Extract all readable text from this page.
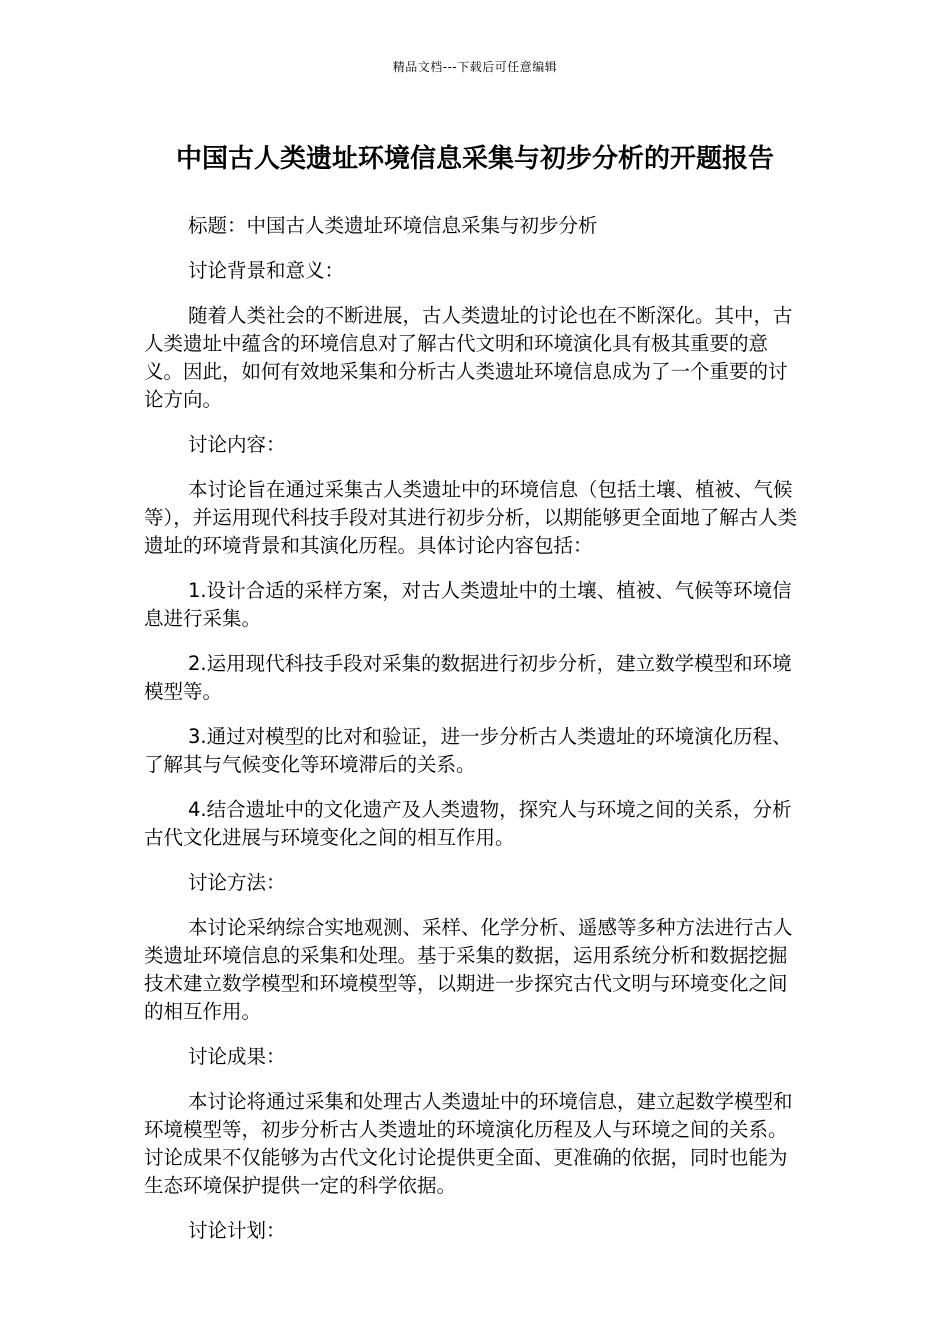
精品文档---下载后可任意编辑
中国古人类遗址环境信息采集与初步分析的开题报告

标题：中国古人类遗址环境信息采集与初步分析

讨论背景和意义：

随着人类社会的不断进展，古人类遗址的讨论也在不断深化。其中，古人类遗址中蕴含的环境信息对了解古代文明和环境演化具有极其重要的意义。因此，如何有效地采集和分析古人类遗址环境信息成为了一个重要的讨论方向。

讨论内容：

本讨论旨在通过采集古人类遗址中的环境信息（包括土壤、植被、气候等），并运用现代科技手段对其进行初步分析，以期能够更全面地了解古人类遗址的环境背景和其演化历程。具体讨论内容包括：

1.设计合适的采样方案，对古人类遗址中的土壤、植被、气候等环境信息进行采集。

2.运用现代科技手段对采集的数据进行初步分析，建立数学模型和环境模型等。

3.通过对模型的比对和验证，进一步分析古人类遗址的环境演化历程、了解其与气候变化等环境滞后的关系。

4.结合遗址中的文化遗产及人类遗物，探究人与环境之间的关系，分析古代文化进展与环境变化之间的相互作用。

讨论方法：

本讨论采纳综合实地观测、采样、化学分析、遥感等多种方法进行古人类遗址环境信息的采集和处理。基于采集的数据，运用系统分析和数据挖掘技术建立数学模型和环境模型等，以期进一步探究古代文明与环境变化之间的相互作用。

讨论成果：

本讨论将通过采集和处理古人类遗址中的环境信息，建立起数学模型和环境模型等，初步分析古人类遗址的环境演化历程及人与环境之间的关系。讨论成果不仅能够为古代文化讨论提供更全面、更准确的依据，同时也能为生态环境保护提供一定的科学依据。

讨论计划：
